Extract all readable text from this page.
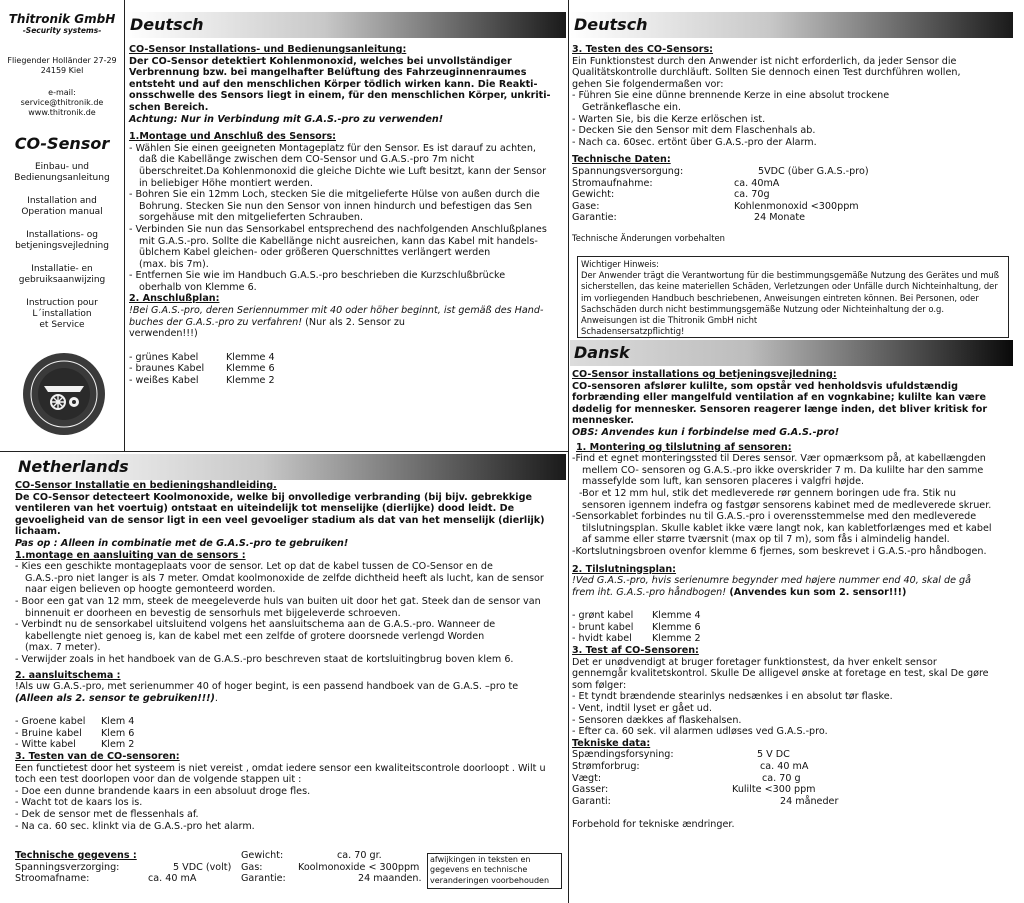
Thitronik GmbH
-Security systems-
Fliegender Holländer 27-29
24159 Kiel
e-mail:
service@thitronik.de
www.thitronik.de
CO-Sensor
Einbau- und
Bedienungsanleitung
Installation and
Operation manual
Installations- og
betjeningsvejledning
Installatie- en
gebruiksaanwijzing
Instruction pour
L´installation
et Service
Deutsch
CO-Sensor Installations- und Bedienungsanleitung:
Der CO-Sensor detektiert Kohlenmonoxid, welches bei unvollständiger
Verbrennung bzw. bei mangelhafter Belüftung des Fahrzeuginnenraumes
entsteht und auf den menschlichen Körper tödlich wirken kann. Die Reakti-
onsschwelle des Sensors liegt in einem, für den menschlichen Körper, unkriti-
schen Bereich.
Achtung: Nur in Verbindung mit G.A.S.-pro zu verwenden!
1.Montage und Anschluß des Sensors:
- Wählen Sie einen geeigneten Montageplatz für den Sensor. Es ist darauf zu achten,
daß die Kabellänge zwischen dem CO-Sensor und G.A.S.-pro 7m nicht
überschreitet.Da Kohlenmonoxid die gleiche Dichte wie Luft besitzt, kann der Sensor
in beliebiger Höhe montiert werden.
- Bohren Sie ein 12mm Loch, stecken Sie die mitgelieferte Hülse von außen durch die
Bohrung. Stecken Sie nun den Sensor von innen hindurch und befestigen das Sen
sorgehäuse mit den mitgelieferten Schrauben.
- Verbinden Sie nun das Sensorkabel entsprechend des nachfolgenden Anschlußplanes
mit G.A.S.-pro. Sollte die Kabellänge nicht ausreichen, kann das Kabel mit handels-
üblchem Kabel gleichen- oder größeren Querschnittes verlängert werden
(max. bis 7m).
- Entfernen Sie wie im Handbuch G.A.S.-pro beschrieben die Kurzschlußbrücke
oberhalb von Klemme 6.
2. Anschlußplan:
!Bei G.A.S.-pro, deren Seriennummer mit 40 oder höher beginnt, ist gemäß des Hand-
buches der G.A.S.-pro zu verfahren! (Nur als 2. Sensor zu
verwenden!!!)
- grünes Kabel	Klemme 4
- braunes Kabel Klemme 6
- weißes Kabel	Klemme 2
Deutsch
3. Testen des CO-Sensors:
Ein Funktionstest durch den Anwender ist nicht erforderlich, da jeder Sensor die
Qualitätskontrolle durchläuft. Sollten Sie dennoch einen Test durchführen wollen,
gehen Sie folgendermaßen vor:
- Führen Sie eine dünne brennende Kerze in eine absolut trockene
Getränkeflasche ein.
- Warten Sie, bis die Kerze erlöschen ist.
- Decken Sie den Sensor mit dem Flaschenhals ab.
- Nach ca. 60sec. ertönt über G.A.S.-pro der Alarm.
Technische Daten:
Spannungsversorgung:	5VDC (über G.A.S.-pro)
Stromaufnahme:	ca. 40mA
Gewicht:	ca. 70g
Gase:	Kohlenmonoxid <300ppm
Garantie:	24 Monate
Technische Änderungen vorbehalten
Wichtiger Hinweis:
Der Anwender trägt die Verantwortung für die bestimmungsgemäße Nutzung des Gerätes und muß
sicherstellen, das keine materiellen Schäden, Verletzungen oder Unfälle durch Nichteinhaltung, der
im vorliegenden Handbuch beschriebenen, Anweisungen eintreten können. Bei Personen, oder
Sachschäden durch nicht bestimmungsgemäße Nutzung oder Nichteinhaltung der o.g.
Anweisungen ist die Thitronik GmbH nicht
Schadensersatzpflichtig!
Dansk
CO-Sensor installations og betjeningsvejledning:
CO-sensoren afslører kulilte, som opstår ved henholdsvis ufuldstændig
forbrænding eller mangelfuld ventilation af en vognkabine; kulilte kan være
dødelig for mennesker. Sensoren reagerer længe inden, det bliver kritisk for
mennesker.
OBS: Anvendes kun i forbindelse med G.A.S.-pro!
1. Montering og tilslutning af sensoren:
-Find et egnet monteringssted til Deres sensor. Vær opmærksom på, at kabellængden
mellem CO- sensoren og G.A.S.-pro ikke overskrider 7 m. Da kulilte har den samme
massefylde som luft, kan sensoren placeres i valgfri højde.
-Bor et 12 mm hul, stik det medleverede rør gennem boringen ude fra. Stik nu
sensoren igennem indefra og fastgør sensorens kabinet med de medleverede skruer.
-Sensorkablet forbindes nu til G.A.S.-pro i overensstemmelse med den medleverede
tilslutningsplan. Skulle kablet ikke være langt nok, kan kabletforlænges med et kabel
af samme eller større tværsnit (max op til 7 m), som fås i almindelig handel.
-Kortslutningsbroen ovenfor klemme 6 fjernes, som beskrevet i G.A.S.-pro håndbogen.
2. Tilslutningsplan:
!Ved G.A.S.-pro, hvis serienumre begynder med højere nummer end 40, skal de gå
frem iht. G.A.S.-pro håndbogen! (Anvendes kun som 2. sensor!!!)
- grønt kabel Klemme 4
- brunt kabel Klemme 6
- hvidt kabel Klemme 2
3. Test af CO-Sensoren:
Det er unødvendigt at bruger foretager funktionstest, da hver enkelt sensor
gennemgår kvalitetskontrol. Skulle De alligevel ønske at foretage en test, skal De gøre
som følger:
- Et tyndt brændende stearinlys nedsænkes i en absolut tør flaske.
- Vent, indtil lyset er gået ud.
- Sensoren dækkes af flaskehalsen.
- Efter ca. 60 sek. vil alarmen udløses ved G.A.S.-pro.
Tekniske data:
Spændingsforsyning:	5 V DC
Strømforbrug:	ca. 40 mA
Vægt:	ca. 70 g
Gasser:	Kulilte <300 ppm
Garanti:	24 måneder
Forbehold for tekniske ændringer.
Netherlands
CO-Sensor Installatie en bedieningshandleiding.
De CO-Sensor detecteert Koolmonoxide, welke bij onvolledige verbranding (bij bijv. gebrekkige
ventileren van het voertuig) ontstaat en uiteindelijk tot menselijke (dierlijke) dood leidt. De
gevoeligheid van de sensor ligt in een veel gevoeliger stadium als dat van het menselijk (dierlijk)
lichaam.
Pas op : Alleen in combinatie met de G.A.S.-pro te gebruiken!
1.montage en aansluiting van de sensors :
- Kies een geschikte montageplaats voor de sensor. Let op dat de kabel tussen de CO-Sensor en de
G.A.S.-pro niet langer is als 7 meter. Omdat koolmonoxide de zelfde dichtheid heeft als lucht, kan de sensor
naar eigen believen op hoogte gemonteerd worden.
- Boor een gat van 12 mm, steek de meegeleverde huls van buiten uit door het gat. Steek dan de sensor van
binnenuit er doorheen en bevestig de sensorhuls met bijgeleverde schroeven.
- Verbindt nu de sensorkabel uitsluitend volgens het aansluitschema aan de G.A.S.-pro. Wanneer de
kabellengte niet genoeg is, kan de kabel met een zelfde of grotere doorsnede verlengd Worden
(max. 7 meter).
- Verwijder zoals in het handboek van de G.A.S.-pro beschreven staat de kortsluitingbrug boven klem 6.
2. aansluitschema :
!Als uw G.A.S.-pro, met serienummer 40 of hoger begint, is een passend handboek van de G.A.S. –pro te
(Alleen als 2. sensor te gebruiken!!!).
- Groene kabel Klem 4
- Bruine kabel Klem 6
- Witte kabel	Klem 2
3. Testen van de CO-sensoren:
Een functietest door het systeem is niet vereist , omdat iedere sensor een kwaliteitscontrole doorloopt . Wilt u
toch een test doorlopen voor dan de volgende stappen uit :
- Doe een dunne brandende kaars in een absoluut droge fles.
- Wacht tot de kaars los is.
- Dek de sensor met de flessenhals af.
- Na ca. 60 sec. klinkt via de G.A.S.-pro het alarm.
Technische gegevens :
Spanningsverzorging:	5 VDC (volt)
Stroomafname:	ca. 40 mA
Gewicht:	ca. 70 gr.
Gas:	Koolmonoxide < 300ppm
Garantie:	24 maanden.
afwijkingen in teksten en
gegevens en technische
veranderingen voorbehouden
